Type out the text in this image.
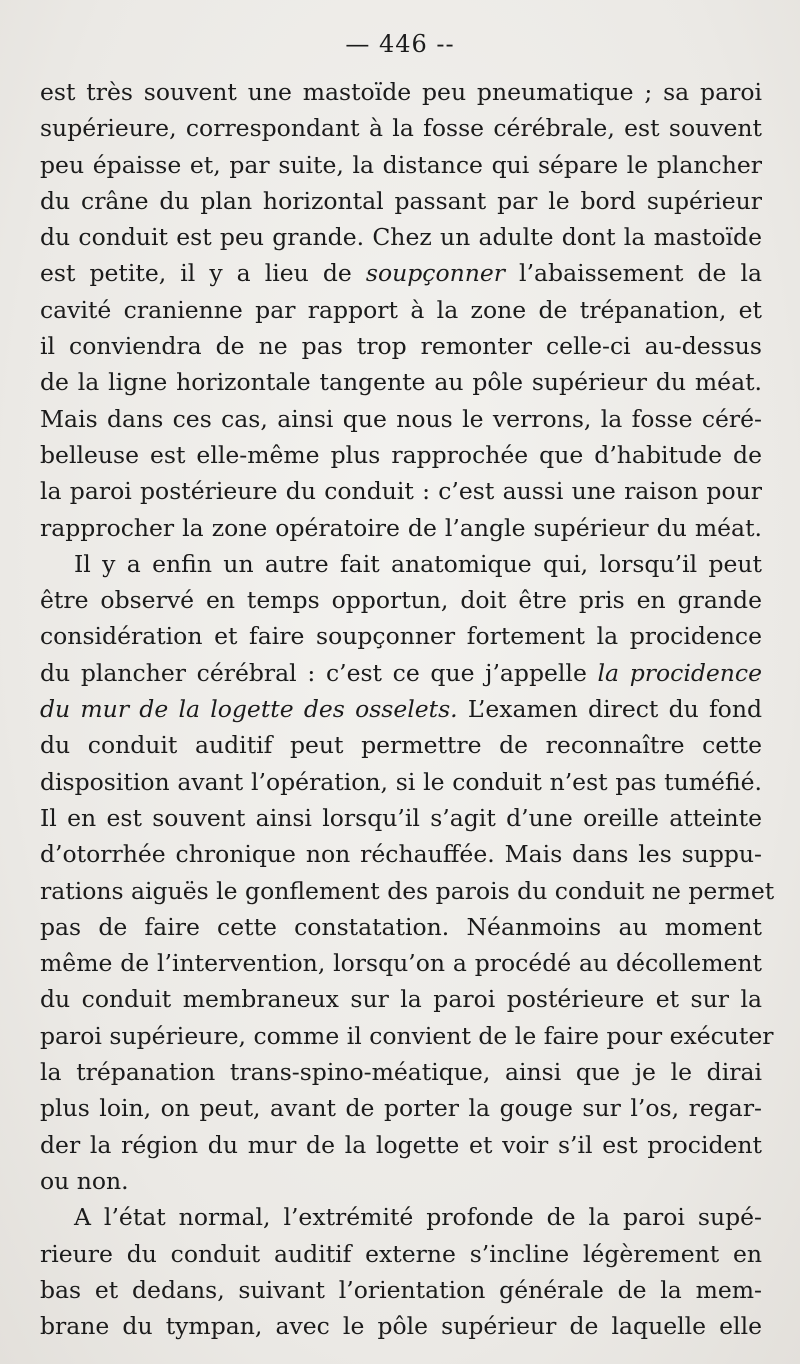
— 446 --
est très souvent une mastoïde peu pneumatique ; sa paroi
supérieure, correspondant à la fosse cérébrale, est souvent
peu épaisse et, par suite, la distance qui sépare le plancher
du crâne du plan horizontal passant par le bord supérieur
du conduit est peu grande. Chez un adulte dont la mastoïde
est petite, il y a lieu de soupçonner l’abaissement de la
cavité cranienne par rapport à la zone de trépanation, et
il conviendra de ne pas trop remonter celle-ci au-dessus
de la ligne horizontale tangente au pôle supérieur du méat.
Mais dans ces cas, ainsi que nous le verrons, la fosse céré-
belleuse est elle-même plus rapprochée que d’habitude de
la paroi postérieure du conduit : c’est aussi une raison pour
rapprocher la zone opératoire de l’angle supérieur du méat.
Il y a enfin un autre fait anatomique qui, lorsqu’il peut
être observé en temps opportun, doit être pris en grande
considération et faire soupçonner fortement la procidence
du plancher cérébral : c’est ce que j’appelle la procidence
du mur de la logette des osselets. L’examen direct du fond
du conduit auditif peut permettre de reconnaître cette
disposition avant l’opération, si le conduit n’est pas tuméfié.
Il en est souvent ainsi lorsqu’il s’agit d’une oreille atteinte
d’otorrhée chronique non réchauffée. Mais dans les suppu-
rations aiguës le gonflement des parois du conduit ne permet
pas de faire cette constatation. Néanmoins au moment
même de l’intervention, lorsqu’on a procédé au décollement
du conduit membraneux sur la paroi postérieure et sur la
paroi supérieure, comme il convient de le faire pour exécuter
la trépanation trans-spino-méatique, ainsi que je le dirai
plus loin, on peut, avant de porter la gouge sur l’os, regar-
der la région du mur de la logette et voir s’il est procident
ou non.
A l’état normal, l’extrémité profonde de la paroi supé-
rieure du conduit auditif externe s’incline légèrement en
bas et dedans, suivant l’orientation générale de la mem-
brane du tympan, avec le pôle supérieur de laquelle elle
